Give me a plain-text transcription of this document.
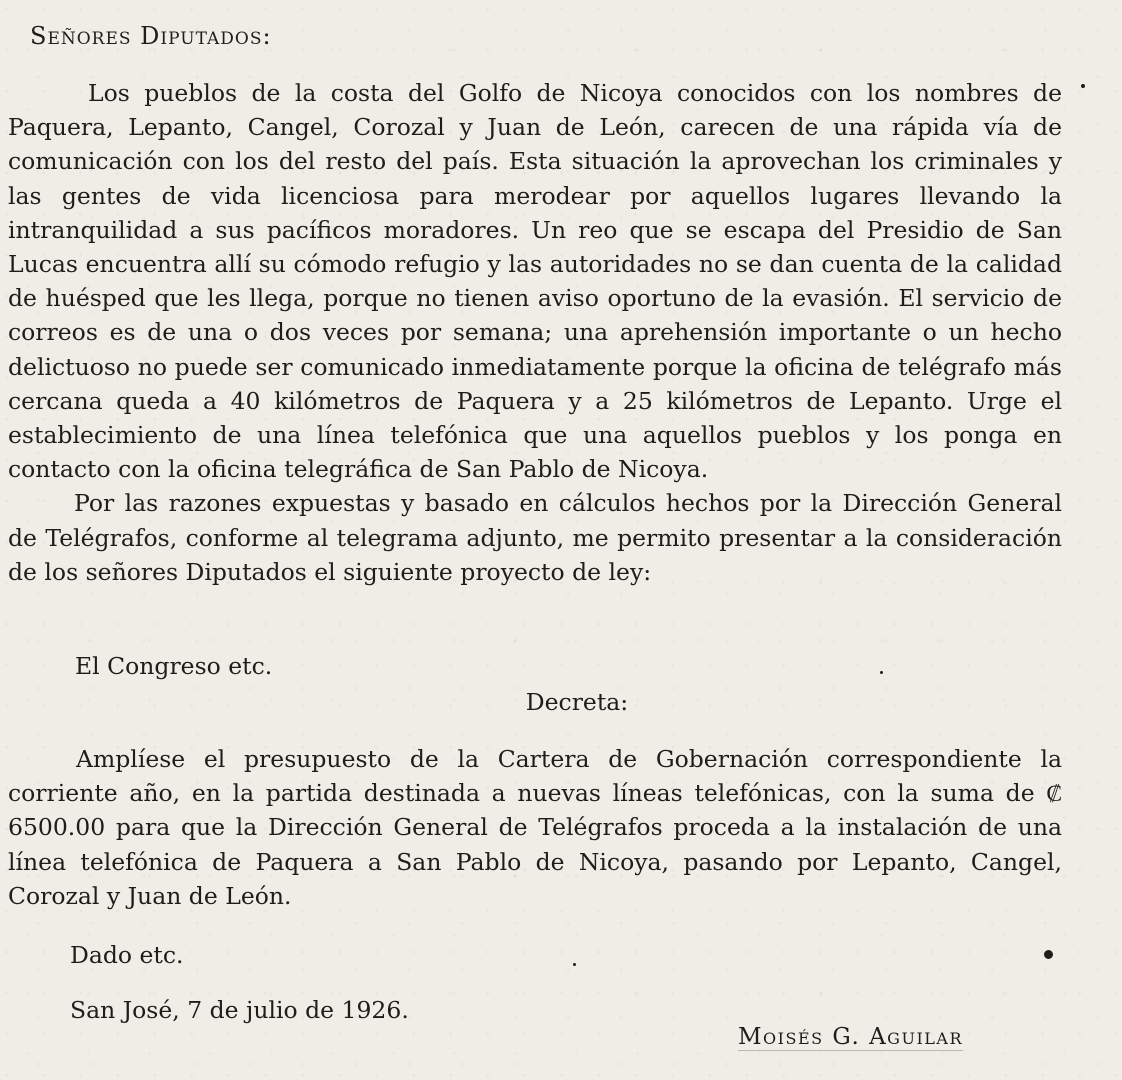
Señores Diputados:

Los pueblos de la costa del Golfo de Nicoya conocidos con los nombres de Paquera, Lepanto, Cangel, Corozal y Juan de León, carecen de una rápida vía de comunicación con los del resto del país. Esta situación la aprovechan los criminales y las gentes de vida licenciosa para merodear por aquellos lugares llevando la intranquilidad a sus pacíficos moradores. Un reo que se escapa del Presidio de San Lucas encuentra allí su cómodo refugio y las autoridades no se dan cuenta de la calidad de huésped que les llega, porque no tienen aviso oportuno de la evasión. El servicio de correos es de una o dos veces por semana; una aprehensión importante o un hecho delictuoso no puede ser comunicado inmediatamente porque la oficina de telégrafo más cercana queda a 40 kilómetros de Paquera y a 25 kilómetros de Lepanto. Urge el establecimiento de una línea telefónica que una aquellos pueblos y los ponga en contacto con la oficina telegráfica de San Pablo de Nicoya.

Por las razones expuestas y basado en cálculos hechos por la Dirección General de Telégrafos, conforme al telegrama adjunto, me permito presentar a la consideración de los señores Diputados el siguiente proyecto de ley:

El Congreso etc.
Decreta:

Amplíese el presupuesto de la Cartera de Gobernación correspondiente la corriente año, en la partida destinada a nuevas líneas telefónicas, con la suma de ₡ 6500.00 para que la Dirección General de Telégrafos proceda a la instalación de una línea telefónica de Paquera a San Pablo de Nicoya, pasando por Lepanto, Cangel, Corozal y Juan de León.

Dado etc.
San José, 7 de julio de 1926.
Moisés G. Aguilar
